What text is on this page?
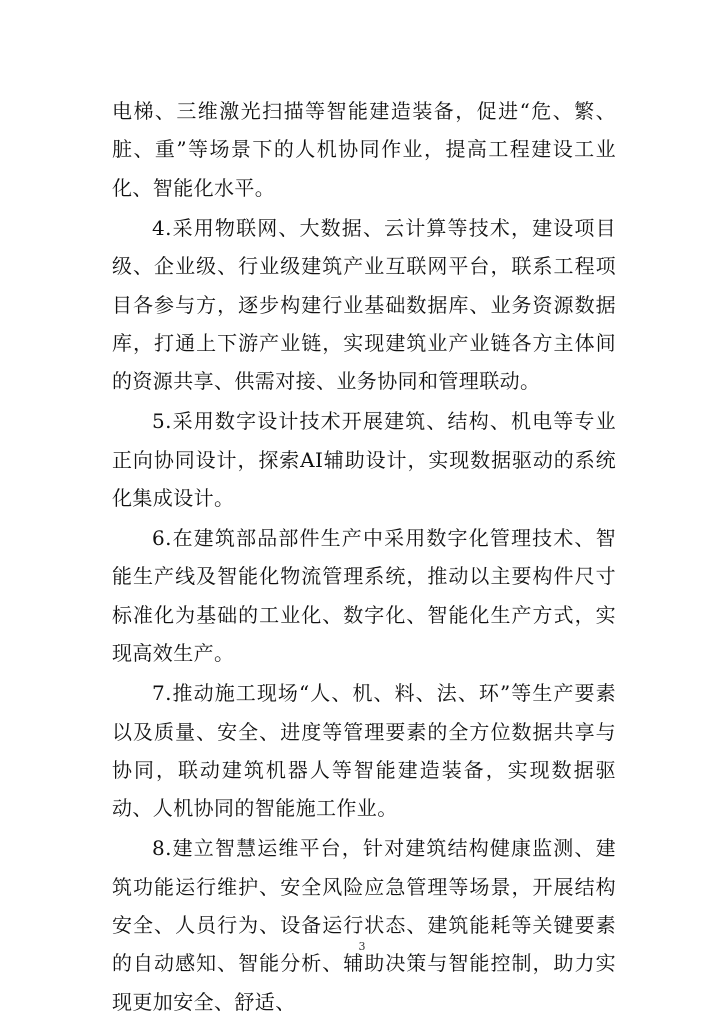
电梯、三维激光扫描等智能建造装备，促进“危、繁、脏、重”等场景下的人机协同作业，提高工程建设工业化、智能化水平。

4.采用物联网、大数据、云计算等技术，建设项目级、企业级、行业级建筑产业互联网平台，联系工程项目各参与方，逐步构建行业基础数据库、业务资源数据库，打通上下游产业链，实现建筑业产业链各方主体间的资源共享、供需对接、业务协同和管理联动。

5.采用数字设计技术开展建筑、结构、机电等专业正向协同设计，探索AI辅助设计，实现数据驱动的系统化集成设计。

6.在建筑部品部件生产中采用数字化管理技术、智能生产线及智能化物流管理系统，推动以主要构件尺寸标准化为基础的工业化、数字化、智能化生产方式，实现高效生产。

7.推动施工现场“人、机、料、法、环”等生产要素以及质量、安全、进度等管理要素的全方位数据共享与协同，联动建筑机器人等智能建造装备，实现数据驱动、人机协同的智能施工作业。

8.建立智慧运维平台，针对建筑结构健康监测、建筑功能运行维护、安全风险应急管理等场景，开展结构安全、人员行为、设备运行状态、建筑能耗等关键要素的自动感知、智能分析、辅助决策与智能控制，助力实现更加安全、舒适、

3
